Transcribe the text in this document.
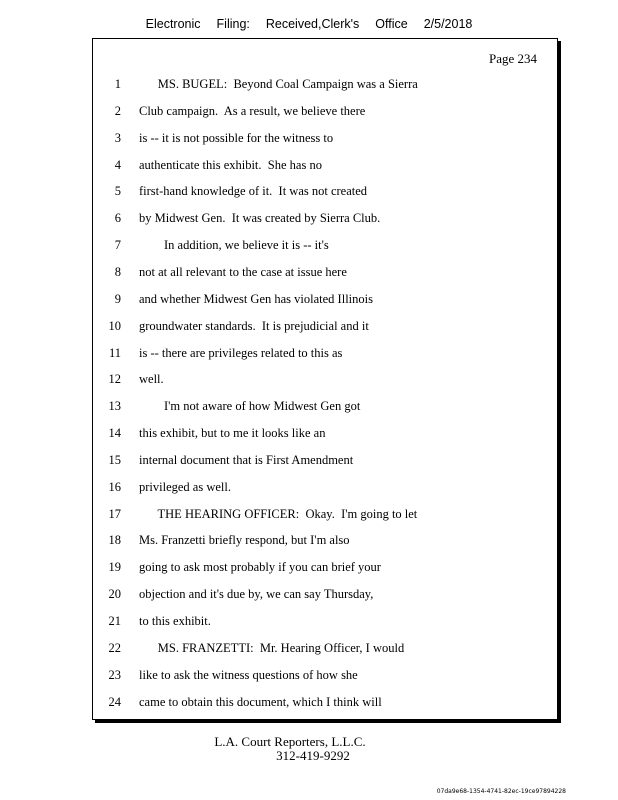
Electronic Filing: Received,Clerk's Office 2/5/2018
Page 234
1 MS. BUGEL:  Beyond Coal Campaign was a Sierra
2 Club campaign.  As a result, we believe there
3 is -- it is not possible for the witness to
4 authenticate this exhibit.  She has no
5 first-hand knowledge of it.  It was not created
6 by Midwest Gen.  It was created by Sierra Club.
7 In addition, we believe it is -- it's
8 not at all relevant to the case at issue here
9 and whether Midwest Gen has violated Illinois
10 groundwater standards.  It is prejudicial and it
11 is -- there are privileges related to this as
12 well.
13 I'm not aware of how Midwest Gen got
14 this exhibit, but to me it looks like an
15 internal document that is First Amendment
16 privileged as well.
17 THE HEARING OFFICER:  Okay.  I'm going to let
18 Ms. Franzetti briefly respond, but I'm also
19 going to ask most probably if you can brief your
20 objection and it's due by, we can say Thursday,
21 to this exhibit.
22 MS. FRANZETTI:  Mr. Hearing Officer, I would
23 like to ask the witness questions of how she
24 came to obtain this document, which I think will
L.A. Court Reporters, L.L.C.
312-419-9292
07da9e68-1354-4741-82ec-19ce97894228
